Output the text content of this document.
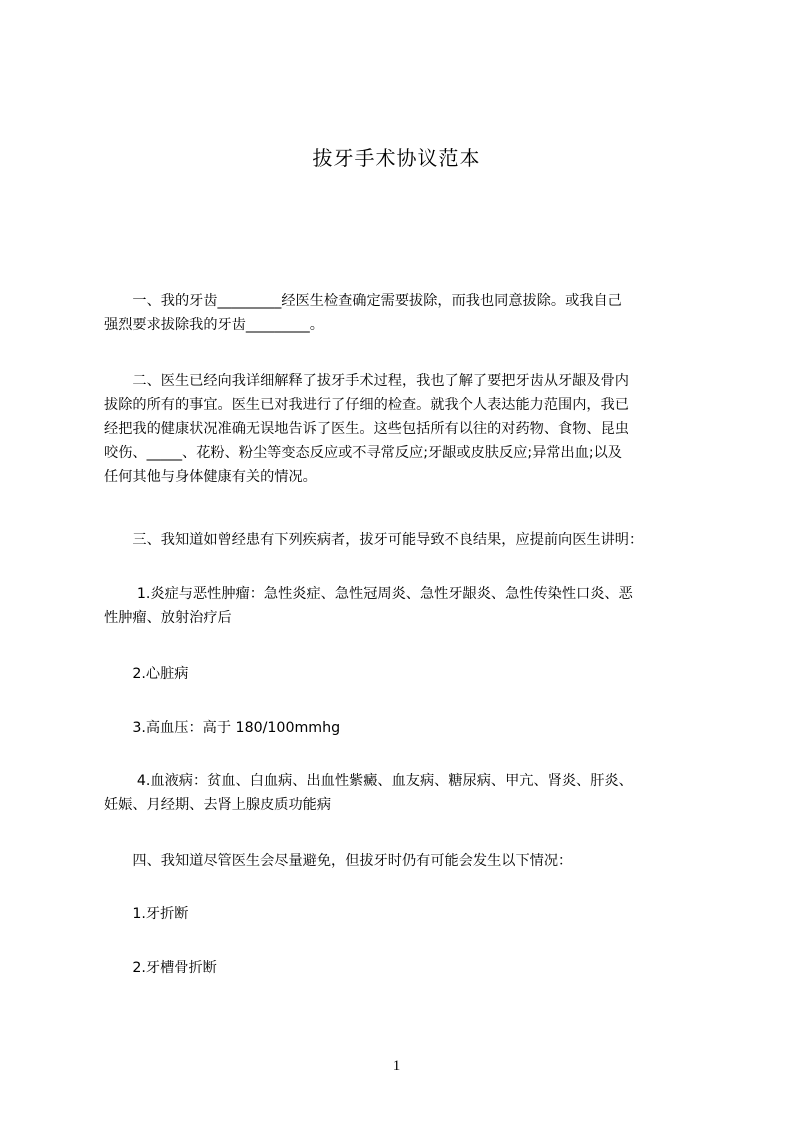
拔牙手术协议范本
　　一、我的牙齿_________经医生检查确定需要拔除，而我也同意拔除。或我自己
强烈要求拔除我的牙齿_________。
　　二、医生已经向我详细解释了拔牙手术过程，我也了解了要把牙齿从牙龈及骨内
拔除的所有的事宜。医生已对我进行了仔细的检查。就我个人表达能力范围内，我已
经把我的健康状况准确无误地告诉了医生。这些包括所有以往的对药物、食物、昆虫
咬伤、_____、花粉、粉尘等变态反应或不寻常反应;牙龈或皮肤反应;异常出血;以及
任何其他与身体健康有关的情况。
　　三、我知道如曾经患有下列疾病者，拔牙可能导致不良结果，应提前向医生讲明：
　　 1.炎症与恶性肿瘤：急性炎症、急性冠周炎、急性牙龈炎、急性传染性口炎、恶
性肿瘤、放射治疗后
　　2.心脏病
　　3.高血压：高于 180/100mmhg
　　 4.血液病：贫血、白血病、出血性紫癜、血友病、糖尿病、甲亢、肾炎、肝炎、
妊娠、月经期、去肾上腺皮质功能病
　　四、我知道尽管医生会尽量避免，但拔牙时仍有可能会发生以下情况：
　　1.牙折断
　　2.牙槽骨折断
1
